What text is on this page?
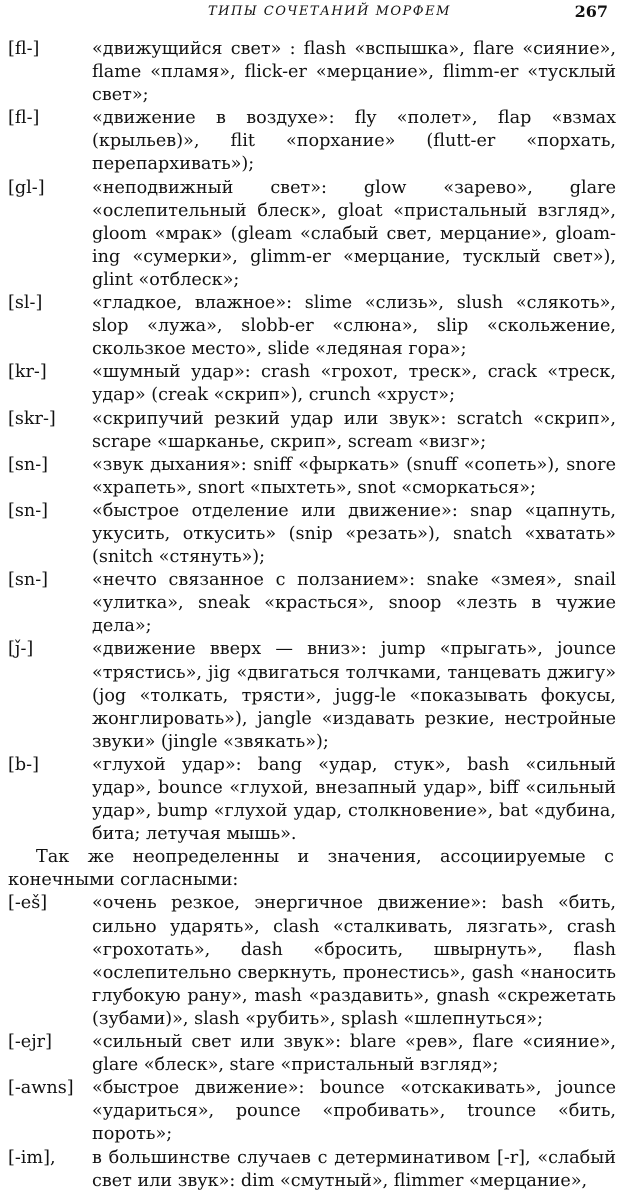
ТИПЫ СОЧЕТАНИЙ МОРФЕМ	267
[fl-]	«движущийся свет» : flash «вспышка», flare «сияние», flame «пламя», flick-er «мерцание», flimm-er «тусклый свет»;
[fl-]	«движение в воздухе»: fly «полет», flap «взмах (крыльев)», flit «порхание» (flutt-er «порхать, перепархивать»);
[gl-]	«неподвижный свет»: glow «зарево», glare «ослепительный блеск», gloat «пристальный взгляд», gloom «мрак» (gleam «слабый свет, мерцание», gloam-ing «сумерки», glimm-er «мерцание, тусклый свет»), glint «отблеск»;
[sl-]	«гладкое, влажное»: slime «слизь», slush «слякоть», slop «лужа», slobb-er «слюна», slip «скольжение, скользкое место», slide «ледяная гора»;
[kr-]	«шумный удар»: crash «грохот, треск», crack «треск, удар» (creak «скрип»), crunch «хруст»;
[skr-] «скрипучий резкий удар или звук»: scratch «скрип», scrape «шарканье, скрип», scream «визг»;
[sn-] «звук дыхания»: sniff «фыркать» (snuff «сопеть»), snore «храпеть», snort «пыхтеть», snot «сморкаться»;
[sn-] «быстрое отделение или движение»: snap «цапнуть, укусить, откусить» (snip «резать»), snatch «хватать» (snitch «стянуть»);
[sn-] «нечто связанное с ползанием»: snake «змея», snail «улитка», sneak «красться», snoop «лезть в чужие дела»;
[ǰ-]	«движение вверх — вниз»: jump «прыгать», jounce «трястись», jig «двигаться толчками, танцевать джигу» (jog «толкать, трясти», jugg-le «показывать фокусы, жонглировать»), jangle «издавать резкие, нестройные звуки» (jingle «звякать»);
[b-]	«глухой удар»: bang «удар, стук», bash «сильный удар», bounce «глухой, внезапный удар», biff «сильный удар», bump «глухой удар, столкновение», bat «дубина, бита; летучая мышь».

Так же неопределенны и значения, ассоциируемые с конечными согласными:

[-eš]	«очень резкое, энергичное движение»: bash «бить, сильно ударять», clash «сталкивать, лязгать», crash «грохотать», dash «бросить, швырнуть», flash «ослепительно сверкнуть, пронестись», gash «наносить глубокую рану», mash «раздавить», gnash «скрежетать (зубами)», slash «рубить», splash «шлепнуться»;
[-ejr] «сильный свет или звук»: blare «рев», flare «сияние», glare «блеск», stare «пристальный взгляд»;
[-awns] «быстрое движение»: bounce «отскакивать», jounce «удариться», pounce «пробивать», trounce «бить, пороть»;
[-im], в большинстве случаев с детерминативом [-r], «слабый свет или звук»: dim «смутный», flimmer «мерцание»,
